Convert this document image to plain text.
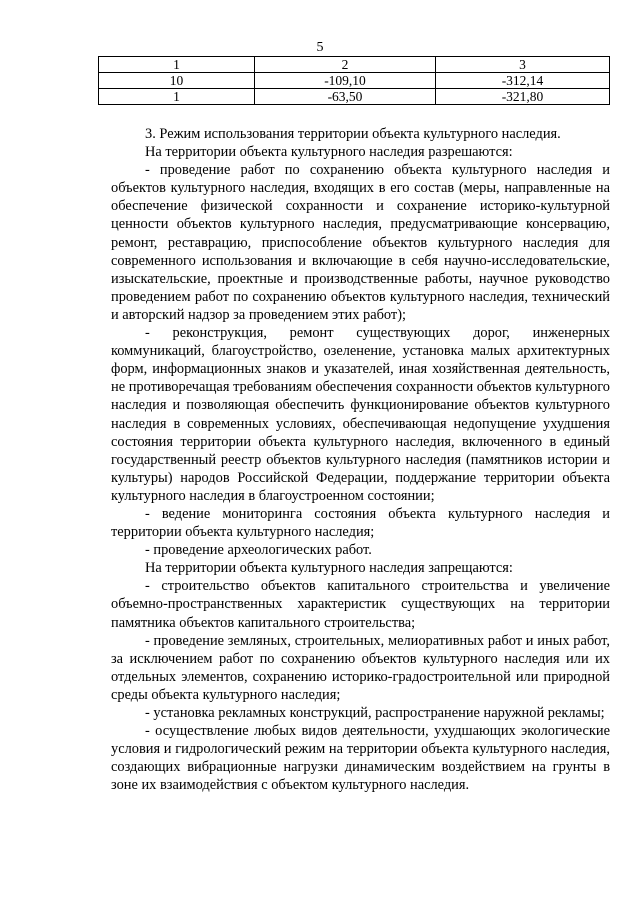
5
1	2	3
10	-109,10	-312,14
1	-63,50	-321,80

3. Режим использования территории объекта культурного наследия.

На территории объекта культурного наследия разрешаются:

- проведение работ по сохранению объекта культурного наследия и объектов культурного наследия, входящих в его состав (меры, направленные на обеспечение физической сохранности и сохранение историко-культурной ценности объектов культурного наследия, предусматривающие консервацию, ремонт, реставрацию, приспособление объектов культурного наследия для современного использования и включающие в себя научно-исследовательские, изыскательские, проектные и производственные работы, научное руководство проведением работ по сохранению объектов культурного наследия, технический и авторский надзор за проведением этих работ);

- реконструкция, ремонт существующих дорог, инженерных коммуникаций, благоустройство, озеленение, установка малых архитектурных форм, информационных знаков и указателей, иная хозяйственная деятельность, не противоречащая требованиям обеспечения сохранности объектов культурного наследия и позволяющая обеспечить функционирование объектов культурного наследия в современных условиях, обеспечивающая недопущение ухудшения состояния территории объекта культурного наследия, включенного в единый государственный реестр объектов культурного наследия (памятников истории и культуры) народов Российской Федерации, поддержание территории объекта культурного наследия в благоустроенном состоянии;

- ведение мониторинга состояния объекта культурного наследия и территории объекта культурного наследия;

- проведение археологических работ.

На территории объекта культурного наследия запрещаются:

- строительство объектов капитального строительства и увеличение объемно-пространственных характеристик существующих на территории памятника объектов капитального строительства;

- проведение земляных, строительных, мелиоративных работ и иных работ, за исключением работ по сохранению объектов культурного наследия или их отдельных элементов, сохранению историко-градостроительной или природной среды объекта культурного наследия;

- установка рекламных конструкций, распространение наружной рекламы;

- осуществление любых видов деятельности, ухудшающих экологические условия и гидрологический режим на территории объекта культурного наследия, создающих вибрационные нагрузки динамическим воздействием на грунты в зоне их взаимодействия с объектом культурного наследия.
